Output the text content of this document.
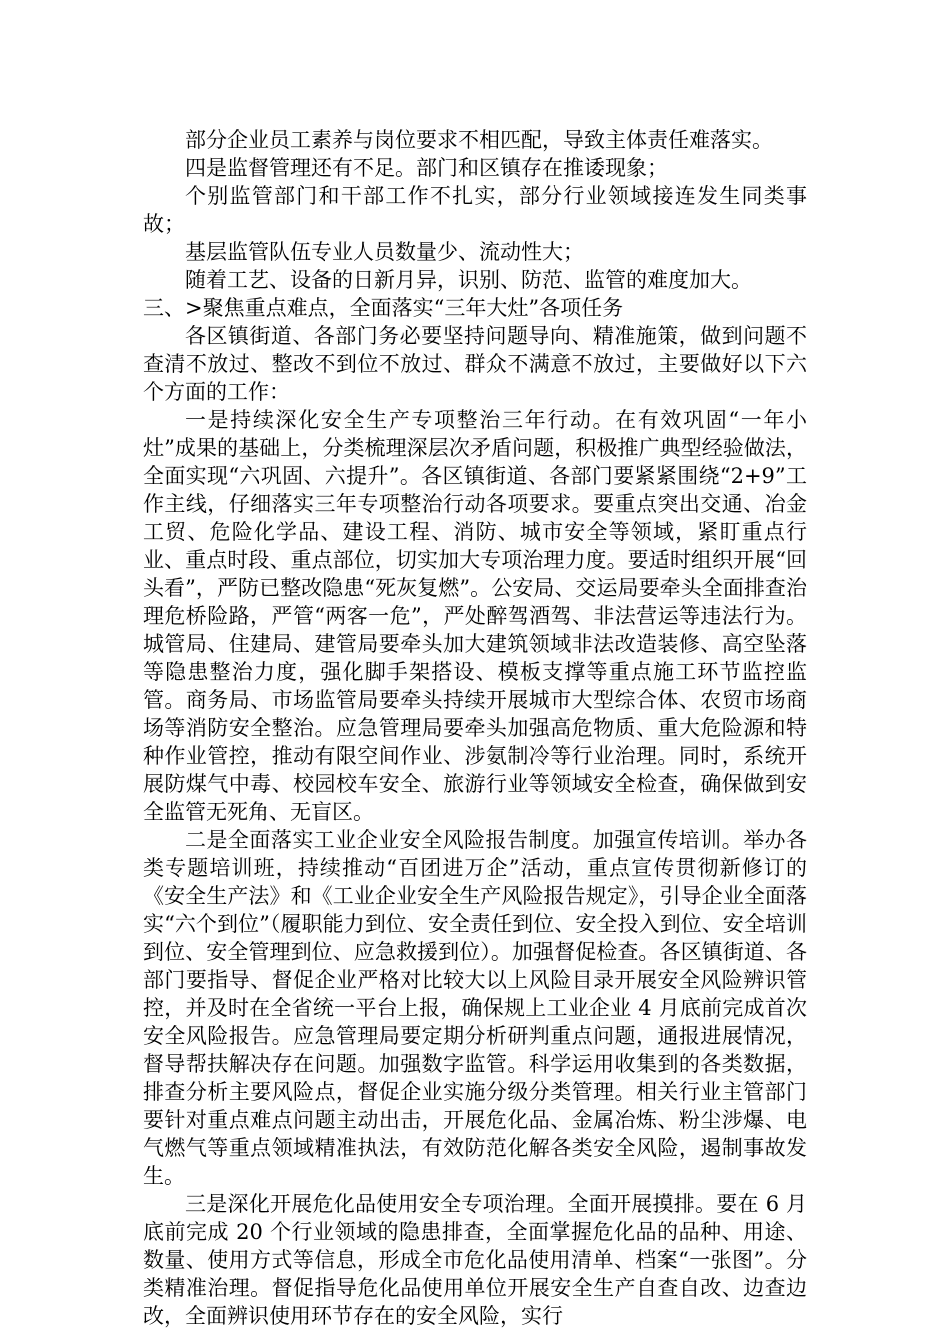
部分企业员工素养与岗位要求不相匹配，导致主体责任难落实。

四是监督管理还有不足。部门和区镇存在推诿现象；

个别监管部门和干部工作不扎实，部分行业领域接连发生同类事故；

基层监管队伍专业人员数量少、流动性大；

随着工艺、设备的日新月异，识别、防范、监管的难度加大。

三、>聚焦重点难点，全面落实“三年大灶”各项任务

各区镇街道、各部门务必要坚持问题导向、精准施策，做到问题不查清不放过、整改不到位不放过、群众不满意不放过，主要做好以下六个方面的工作：

一是持续深化安全生产专项整治三年行动。在有效巩固“一年小灶”成果的基础上，分类梳理深层次矛盾问题，积极推广典型经验做法，全面实现“六巩固、六提升”。各区镇街道、各部门要紧紧围绕“2+9”工作主线，仔细落实三年专项整治行动各项要求。要重点突出交通、冶金工贸、危险化学品、建设工程、消防、城市安全等领域，紧盯重点行业、重点时段、重点部位，切实加大专项治理力度。要适时组织开展“回头看”，严防已整改隐患“死灰复燃”。公安局、交运局要牵头全面排查治理危桥险路，严管“两客一危”，严处醉驾酒驾、非法营运等违法行为。城管局、住建局、建管局要牵头加大建筑领域非法改造装修、高空坠落等隐患整治力度，强化脚手架搭设、模板支撑等重点施工环节监控监管。商务局、市场监管局要牵头持续开展城市大型综合体、农贸市场商场等消防安全整治。应急管理局要牵头加强高危物质、重大危险源和特种作业管控，推动有限空间作业、涉氨制冷等行业治理。同时，系统开展防煤气中毒、校园校车安全、旅游行业等领域安全检查，确保做到安全监管无死角、无盲区。

二是全面落实工业企业安全风险报告制度。加强宣传培训。举办各类专题培训班，持续推动“百团进万企”活动，重点宣传贯彻新修订的《安全生产法》和《工业企业安全生产风险报告规定》，引导企业全面落实“六个到位”（履职能力到位、安全责任到位、安全投入到位、安全培训到位、安全管理到位、应急救援到位）。加强督促检查。各区镇街道、各部门要指导、督促企业严格对比较大以上风险目录开展安全风险辨识管控，并及时在全省统一平台上报，确保规上工业企业 4 月底前完成首次安全风险报告。应急管理局要定期分析研判重点问题，通报进展情况，督导帮扶解决存在问题。加强数字监管。科学运用收集到的各类数据，排查分析主要风险点，督促企业实施分级分类管理。相关行业主管部门要针对重点难点问题主动出击，开展危化品、金属冶炼、粉尘涉爆、电气燃气等重点领域精准执法，有效防范化解各类安全风险，遏制事故发生。

三是深化开展危化品使用安全专项治理。全面开展摸排。要在 6 月底前完成 20 个行业领域的隐患排查，全面掌握危化品的品种、用途、数量、使用方式等信息，形成全市危化品使用清单、档案“一张图”。分类精准治理。督促指导危化品使用单位开展安全生产自查自改、边查边改，全面辨识使用环节存在的安全风险，实行
